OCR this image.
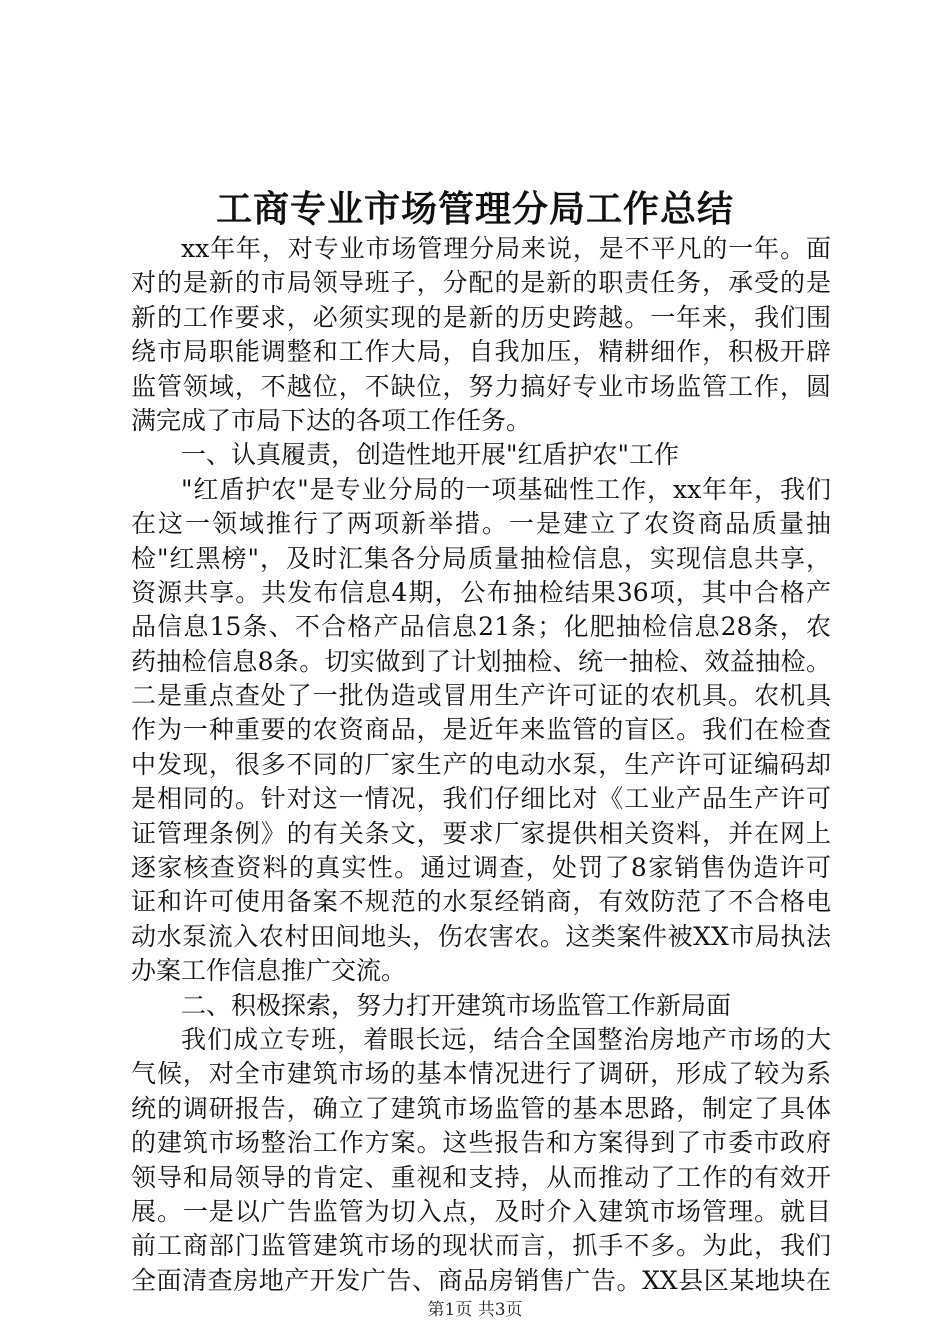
工商专业市场管理分局工作总结
xx年年，对专业市场管理分局来说，是不平凡的一年。面
对的是新的市局领导班子，分配的是新的职责任务，承受的是
新的工作要求，必须实现的是新的历史跨越。一年来，我们围
绕市局职能调整和工作大局，自我加压，精耕细作，积极开辟
监管领域，不越位，不缺位，努力搞好专业市场监管工作，圆
满完成了市局下达的各项工作任务。
一、认真履责，创造性地开展"红盾护农"工作
"红盾护农"是专业分局的一项基础性工作，xx年年，我们
在这一领域推行了两项新举措。一是建立了农资商品质量抽
检"红黑榜"，及时汇集各分局质量抽检信息，实现信息共享，
资源共享。共发布信息4期，公布抽检结果36项，其中合格产
品信息15条、不合格产品信息21条；化肥抽检信息28条，农
药抽检信息8条。切实做到了计划抽检、统一抽检、效益抽检。
二是重点查处了一批伪造或冒用生产许可证的农机具。农机具
作为一种重要的农资商品，是近年来监管的盲区。我们在检查
中发现，很多不同的厂家生产的电动水泵，生产许可证编码却
是相同的。针对这一情况，我们仔细比对《工业产品生产许可
证管理条例》的有关条文，要求厂家提供相关资料，并在网上
逐家核查资料的真实性。通过调查，处罚了8家销售伪造许可
证和许可使用备案不规范的水泵经销商，有效防范了不合格电
动水泵流入农村田间地头，伤农害农。这类案件被XX市局执法
办案工作信息推广交流。
二、积极探索，努力打开建筑市场监管工作新局面
我们成立专班，着眼长远，结合全国整治房地产市场的大
气候，对全市建筑市场的基本情况进行了调研，形成了较为系
统的调研报告，确立了建筑市场监管的基本思路，制定了具体
的建筑市场整治工作方案。这些报告和方案得到了市委市政府
领导和局领导的肯定、重视和支持，从而推动了工作的有效开
展。一是以广告监管为切入点，及时介入建筑市场管理。就目
前工商部门监管建筑市场的现状而言，抓手不多。为此，我们
全面清查房地产开发广告、商品房销售广告。XX县区某地块在
第1页 共3页
